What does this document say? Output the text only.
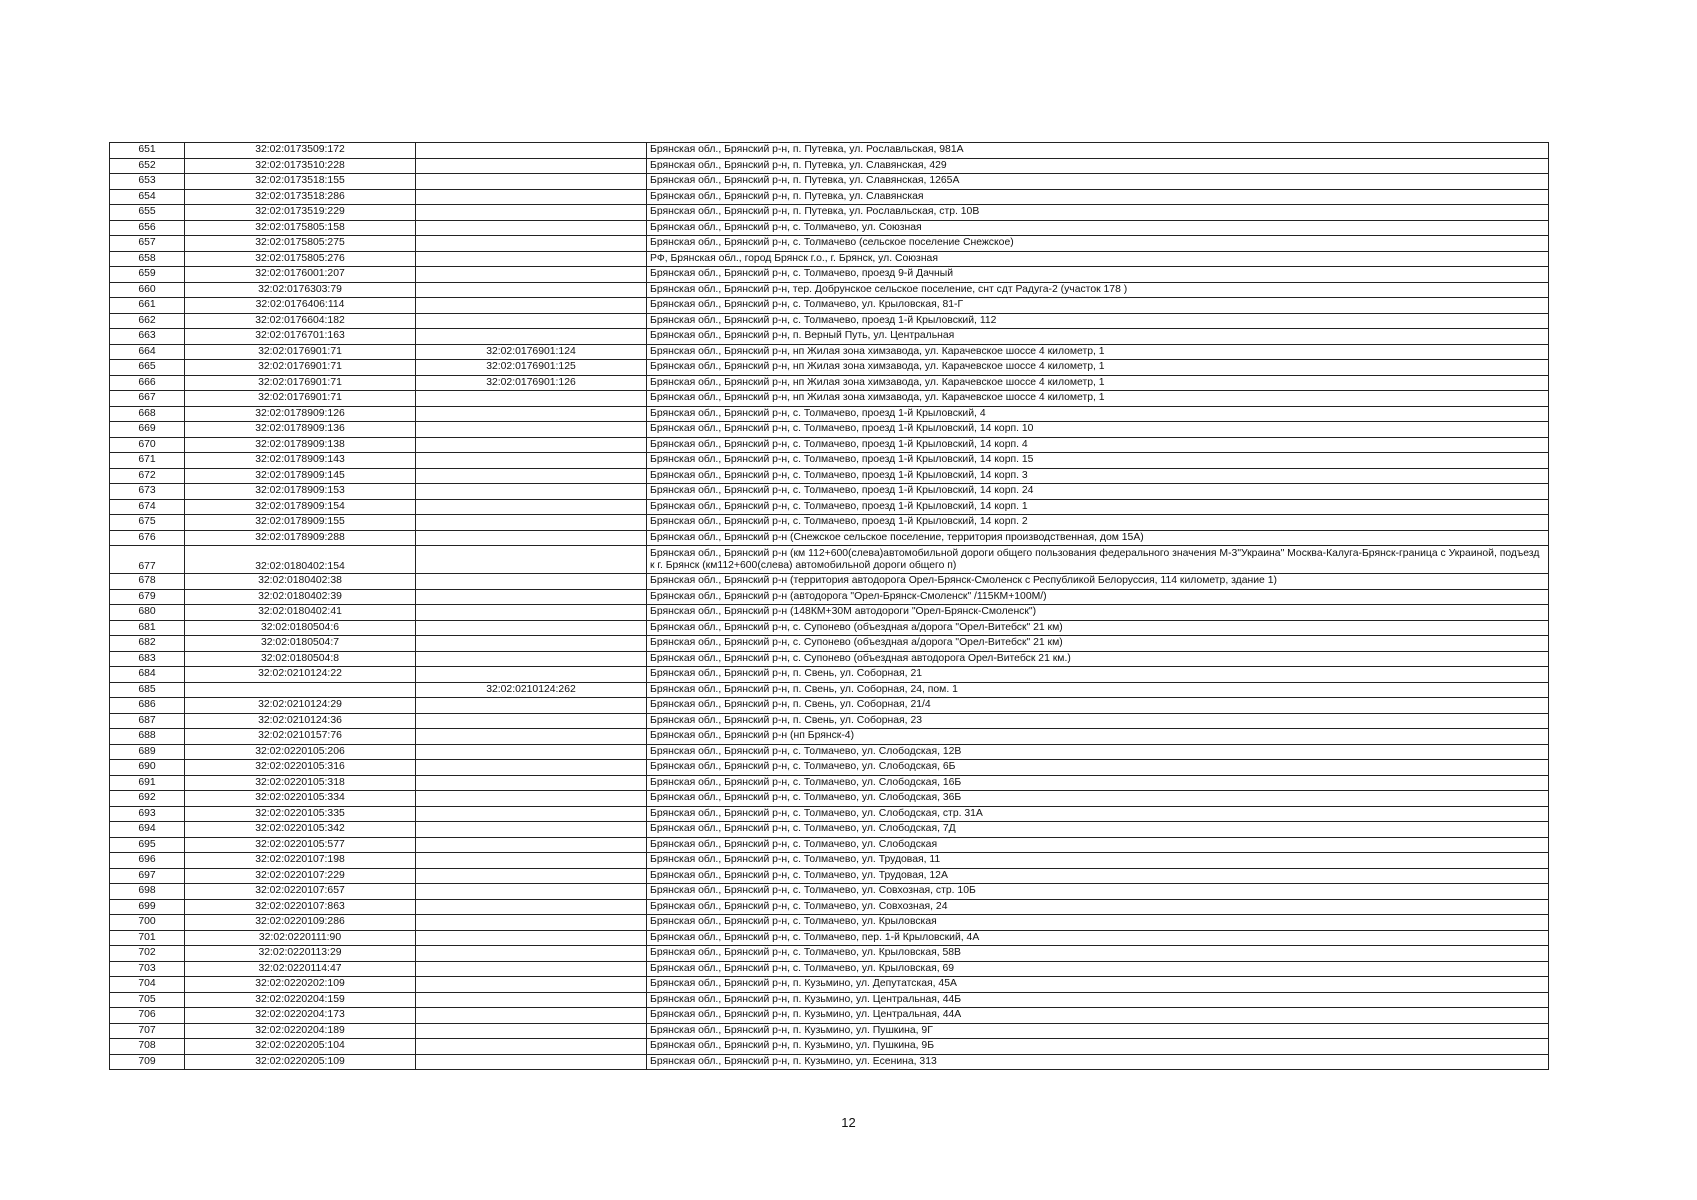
651	32:02:0173509:172		Брянская обл., Брянский р-н, п. Путевка, ул. Рославльская, 981А
652	32:02:0173510:228		Брянская обл., Брянский р-н, п. Путевка, ул. Славянская, 429
653	32:02:0173518:155		Брянская обл., Брянский р-н, п. Путевка, ул. Славянская, 1265А
654	32:02:0173518:286		Брянская обл., Брянский р-н, п. Путевка, ул. Славянская
655	32:02:0173519:229		Брянская обл., Брянский р-н, п. Путевка, ул. Рославльская, стр. 10В
656	32:02:0175805:158		Брянская обл., Брянский р-н, с. Толмачево, ул. Союзная
657	32:02:0175805:275		Брянская обл., Брянский р-н, с. Толмачево (сельское поселение Снежское)
658	32:02:0175805:276		РФ, Брянская обл., город Брянск г.о., г. Брянск, ул. Союзная
659	32:02:0176001:207		Брянская обл., Брянский р-н, с. Толмачево, проезд 9-й Дачный
660	32:02:0176303:79		Брянская обл., Брянский р-н, тер. Добрунское сельское поселение, снт сдт Радуга-2 (участок 178 )
661	32:02:0176406:114		Брянская обл., Брянский р-н, с. Толмачево, ул. Крыловская, 81-Г
662	32:02:0176604:182		Брянская обл., Брянский р-н, с. Толмачево, проезд 1-й Крыловский, 112
663	32:02:0176701:163		Брянская обл., Брянский р-н, п. Верный Путь, ул. Центральная
664	32:02:0176901:71	32:02:0176901:124	Брянская обл., Брянский р-н, нп Жилая зона химзавода, ул. Карачевское шоссе 4 километр, 1
665	32:02:0176901:71	32:02:0176901:125	Брянская обл., Брянский р-н, нп Жилая зона химзавода, ул. Карачевское шоссе 4 километр, 1
666	32:02:0176901:71	32:02:0176901:126	Брянская обл., Брянский р-н, нп Жилая зона химзавода, ул. Карачевское шоссе 4 километр, 1
667	32:02:0176901:71		Брянская обл., Брянский р-н, нп Жилая зона химзавода, ул. Карачевское шоссе 4 километр, 1
668	32:02:0178909:126		Брянская обл., Брянский р-н, с. Толмачево, проезд 1-й Крыловский, 4
669	32:02:0178909:136		Брянская обл., Брянский р-н, с. Толмачево, проезд 1-й Крыловский, 14 корп. 10
670	32:02:0178909:138		Брянская обл., Брянский р-н, с. Толмачево, проезд 1-й Крыловский, 14 корп. 4
671	32:02:0178909:143		Брянская обл., Брянский р-н, с. Толмачево, проезд 1-й Крыловский, 14 корп. 15
672	32:02:0178909:145		Брянская обл., Брянский р-н, с. Толмачево, проезд 1-й Крыловский, 14 корп. 3
673	32:02:0178909:153		Брянская обл., Брянский р-н, с. Толмачево, проезд 1-й Крыловский, 14 корп. 24
674	32:02:0178909:154		Брянская обл., Брянский р-н, с. Толмачево, проезд 1-й Крыловский, 14 корп. 1
675	32:02:0178909:155		Брянская обл., Брянский р-н, с. Толмачево, проезд 1-й Крыловский, 14 корп. 2
676	32:02:0178909:288		Брянская обл., Брянский р-н (Снежское сельское поселение, территория производственная, дом 15А)
677	32:02:0180402:154		Брянская обл., Брянский р-н (км 112+600(слева)автомобильной дороги общего пользования федерального значения М-3"Украина" Москва-Калуга-Брянск-граница с Украиной, подъезд к г. Брянск (км112+600(слева) автомобильной дороги общего п)
678	32:02:0180402:38		Брянская обл., Брянский р-н (территория автодорога Орел-Брянск-Смоленск с Республикой Белоруссия, 114 километр, здание 1)
679	32:02:0180402:39		Брянская обл., Брянский р-н (автодорога "Орел-Брянск-Смоленск" /115КМ+100М/)
680	32:02:0180402:41		Брянская обл., Брянский р-н (148КМ+30М автодороги "Орел-Брянск-Смоленск")
681	32:02:0180504:6		Брянская обл., Брянский р-н, с. Супонево (объездная а/дорога "Орел-Витебск" 21 км)
682	32:02:0180504:7		Брянская обл., Брянский р-н, с. Супонево (объездная а/дорога "Орел-Витебск" 21 км)
683	32:02:0180504:8		Брянская обл., Брянский р-н, с. Супонево (объездная автодорога Орел-Витебск 21 км.)
684	32:02:0210124:22		Брянская обл., Брянский р-н, п. Свень, ул. Соборная, 21
685		32:02:0210124:262	Брянская обл., Брянский р-н, п. Свень, ул. Соборная, 24, пом. 1
686	32:02:0210124:29		Брянская обл., Брянский р-н, п. Свень, ул. Соборная, 21/4
687	32:02:0210124:36		Брянская обл., Брянский р-н, п. Свень, ул. Соборная, 23
688	32:02:0210157:76		Брянская обл., Брянский р-н (нп Брянск-4)
689	32:02:0220105:206		Брянская обл., Брянский р-н, с. Толмачево, ул. Слободская, 12В
690	32:02:0220105:316		Брянская обл., Брянский р-н, с. Толмачево, ул. Слободская, 6Б
691	32:02:0220105:318		Брянская обл., Брянский р-н, с. Толмачево, ул. Слободская, 16Б
692	32:02:0220105:334		Брянская обл., Брянский р-н, с. Толмачево, ул. Слободская, 36Б
693	32:02:0220105:335		Брянская обл., Брянский р-н, с. Толмачево, ул. Слободская, стр. 31А
694	32:02:0220105:342		Брянская обл., Брянский р-н, с. Толмачево, ул. Слободская, 7Д
695	32:02:0220105:577		Брянская обл., Брянский р-н, с. Толмачево, ул. Слободская
696	32:02:0220107:198		Брянская обл., Брянский р-н, с. Толмачево, ул. Трудовая, 11
697	32:02:0220107:229		Брянская обл., Брянский р-н, с. Толмачево, ул. Трудовая, 12А
698	32:02:0220107:657		Брянская обл., Брянский р-н, с. Толмачево, ул. Совхозная, стр. 10Б
699	32:02:0220107:863		Брянская обл., Брянский р-н, с. Толмачево, ул. Совхозная, 24
700	32:02:0220109:286		Брянская обл., Брянский р-н, с. Толмачево, ул. Крыловская
701	32:02:0220111:90		Брянская обл., Брянский р-н, с. Толмачево, пер. 1-й Крыловский, 4А
702	32:02:0220113:29		Брянская обл., Брянский р-н, с. Толмачево, ул. Крыловская, 58В
703	32:02:0220114:47		Брянская обл., Брянский р-н, с. Толмачево, ул. Крыловская, 69
704	32:02:0220202:109		Брянская обл., Брянский р-н, п. Кузьмино, ул. Депутатская, 45А
705	32:02:0220204:159		Брянская обл., Брянский р-н, п. Кузьмино, ул. Центральная, 44Б
706	32:02:0220204:173		Брянская обл., Брянский р-н, п. Кузьмино, ул. Центральная, 44А
707	32:02:0220204:189		Брянская обл., Брянский р-н, п. Кузьмино, ул. Пушкина, 9Г
708	32:02:0220205:104		Брянская обл., Брянский р-н, п. Кузьмино, ул. Пушкина, 9Б
709	32:02:0220205:109		Брянская обл., Брянский р-н, п. Кузьмино, ул. Есенина, 313
12
